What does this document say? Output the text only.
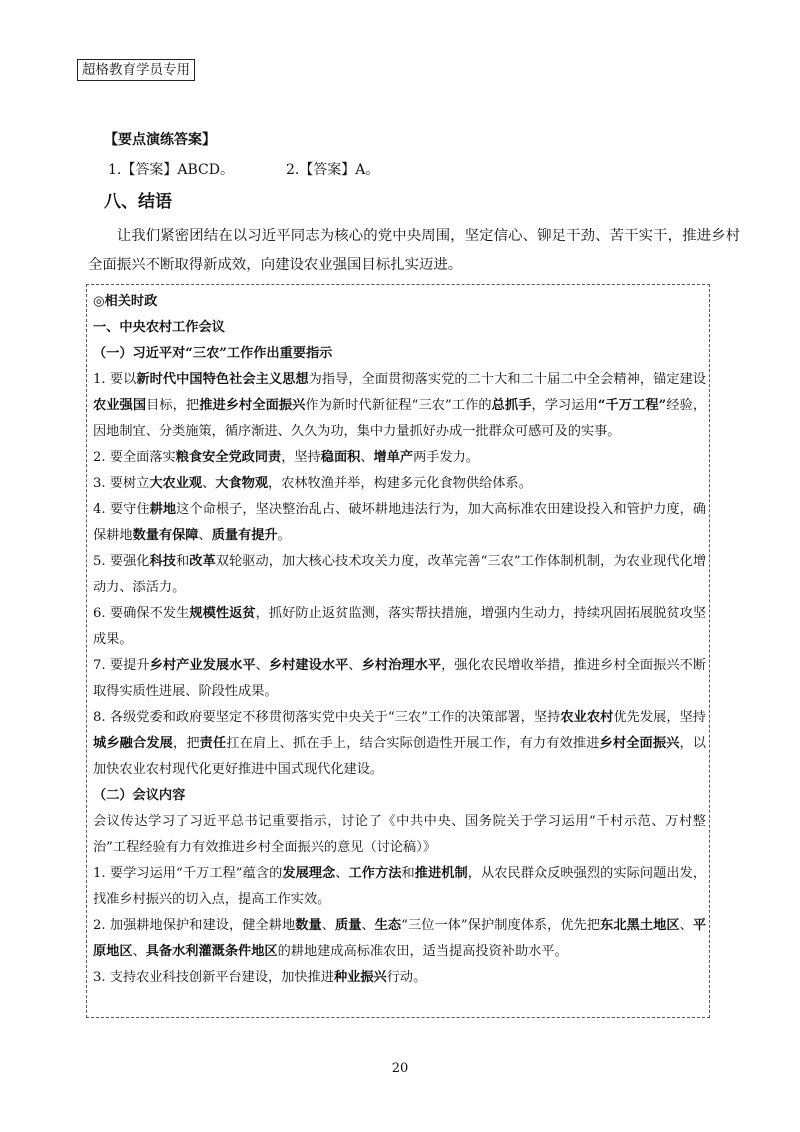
超格教育学员专用
【要点演练答案】
1.【答案】ABCD。	2.【答案】A。
八、结语
让我们紧密团结在以习近平同志为核心的党中央周围，坚定信心、铆足干劲、苦干实干，推进乡村全面振兴不断取得新成效，向建设农业强国目标扎实迈进。

◎相关时政

一、中央农村工作会议

（一）习近平对“三农”工作作出重要指示

1. 要以新时代中国特色社会主义思想为指导，全面贯彻落实党的二十大和二十届二中全会精神，锚定建设农业强国目标，把推进乡村全面振兴作为新时代新征程“三农”工作的总抓手，学习运用“千万工程”经验，因地制宜、分类施策，循序渐进、久久为功，集中力量抓好办成一批群众可感可及的实事。

2. 要全面落实粮食安全党政同责，坚持稳面积、增单产两手发力。

3. 要树立大农业观、大食物观，农林牧渔并举，构建多元化食物供给体系。

4. 要守住耕地这个命根子，坚决整治乱占、破坏耕地违法行为，加大高标准农田建设投入和管护力度，确保耕地数量有保障、质量有提升。

5. 要强化科技和改革双轮驱动，加大核心技术攻关力度，改革完善“三农”工作体制机制，为农业现代化增动力、添活力。

6. 要确保不发生规模性返贫，抓好防止返贫监测，落实帮扶措施，增强内生动力，持续巩固拓展脱贫攻坚成果。

7. 要提升乡村产业发展水平、乡村建设水平、乡村治理水平，强化农民增收举措，推进乡村全面振兴不断取得实质性进展、阶段性成果。

8. 各级党委和政府要坚定不移贯彻落实党中央关于“三农”工作的决策部署，坚持农业农村优先发展，坚持城乡融合发展，把责任扛在肩上、抓在手上，结合实际创造性开展工作，有力有效推进乡村全面振兴，以加快农业农村现代化更好推进中国式现代化建设。

（二）会议内容

会议传达学习了习近平总书记重要指示，讨论了《中共中央、国务院关于学习运用“千村示范、万村整治”工程经验有力有效推进乡村全面振兴的意见（讨论稿）》

1. 要学习运用“千万工程”蕴含的发展理念、工作方法和推进机制，从农民群众反映强烈的实际问题出发，找准乡村振兴的切入点，提高工作实效。

2. 加强耕地保护和建设，健全耕地数量、质量、生态“三位一体”保护制度体系，优先把东北黑土地区、平原地区、具备水利灌溉条件地区的耕地建成高标准农田，适当提高投资补助水平。

3. 支持农业科技创新平台建设，加快推进种业振兴行动。

20
